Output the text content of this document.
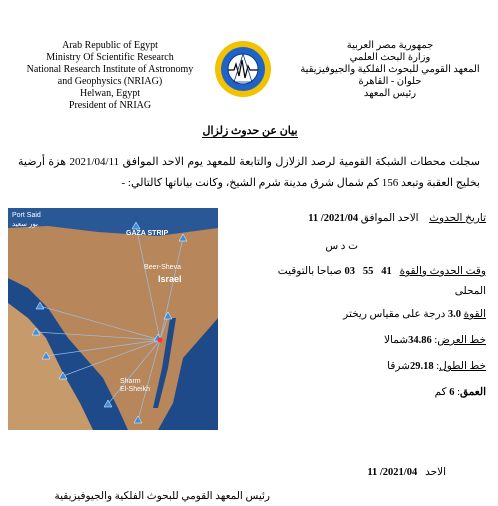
Arab Republic of Egypt
Ministry Of Scientific Research
National Research Institute of Astronomy
and Geophysics (NRIAG)
Helwan, Egypt
President of NRIAG
جمهورية مصر العربية
وزارة البحث العلمي
المعهد القومي للبحوث الفلكية والجيوفيزيقية
حلوان - القاهرة
رئيس المعهد
بيان عن حدوث زلزال
سجلت محطات الشبكة القومية لرصد الزلازل والتابعة للمعهد يوم الاحد الموافق 2021/04/11 هزة أرضية بخليج العقبة وتبعد 156 كم شمال شرق مدينة شرم الشيخ، وكانت بياناتها كالتالي: -
Port Said
بور سعيد
GAZA STRIP
Beer-Sheva
Israel
Sharm
El-Sheikh
تاريخ الحدوث    الاحد الموافق 2021/04/ 11
ت د س
وقت الحدوث والقوة   41   55   03 صباحا بالتوقيت
المحلى
القوة 3.0 درجة على مقياس ريختر
خط العرض: 34.86شمالا
خط الطول: 29.18شرقا
العمق: 6 كم
الاحد   2021/04/ 11
رئيس المعهد القومي للبحوث الفلكية والجيوفيزيقية
